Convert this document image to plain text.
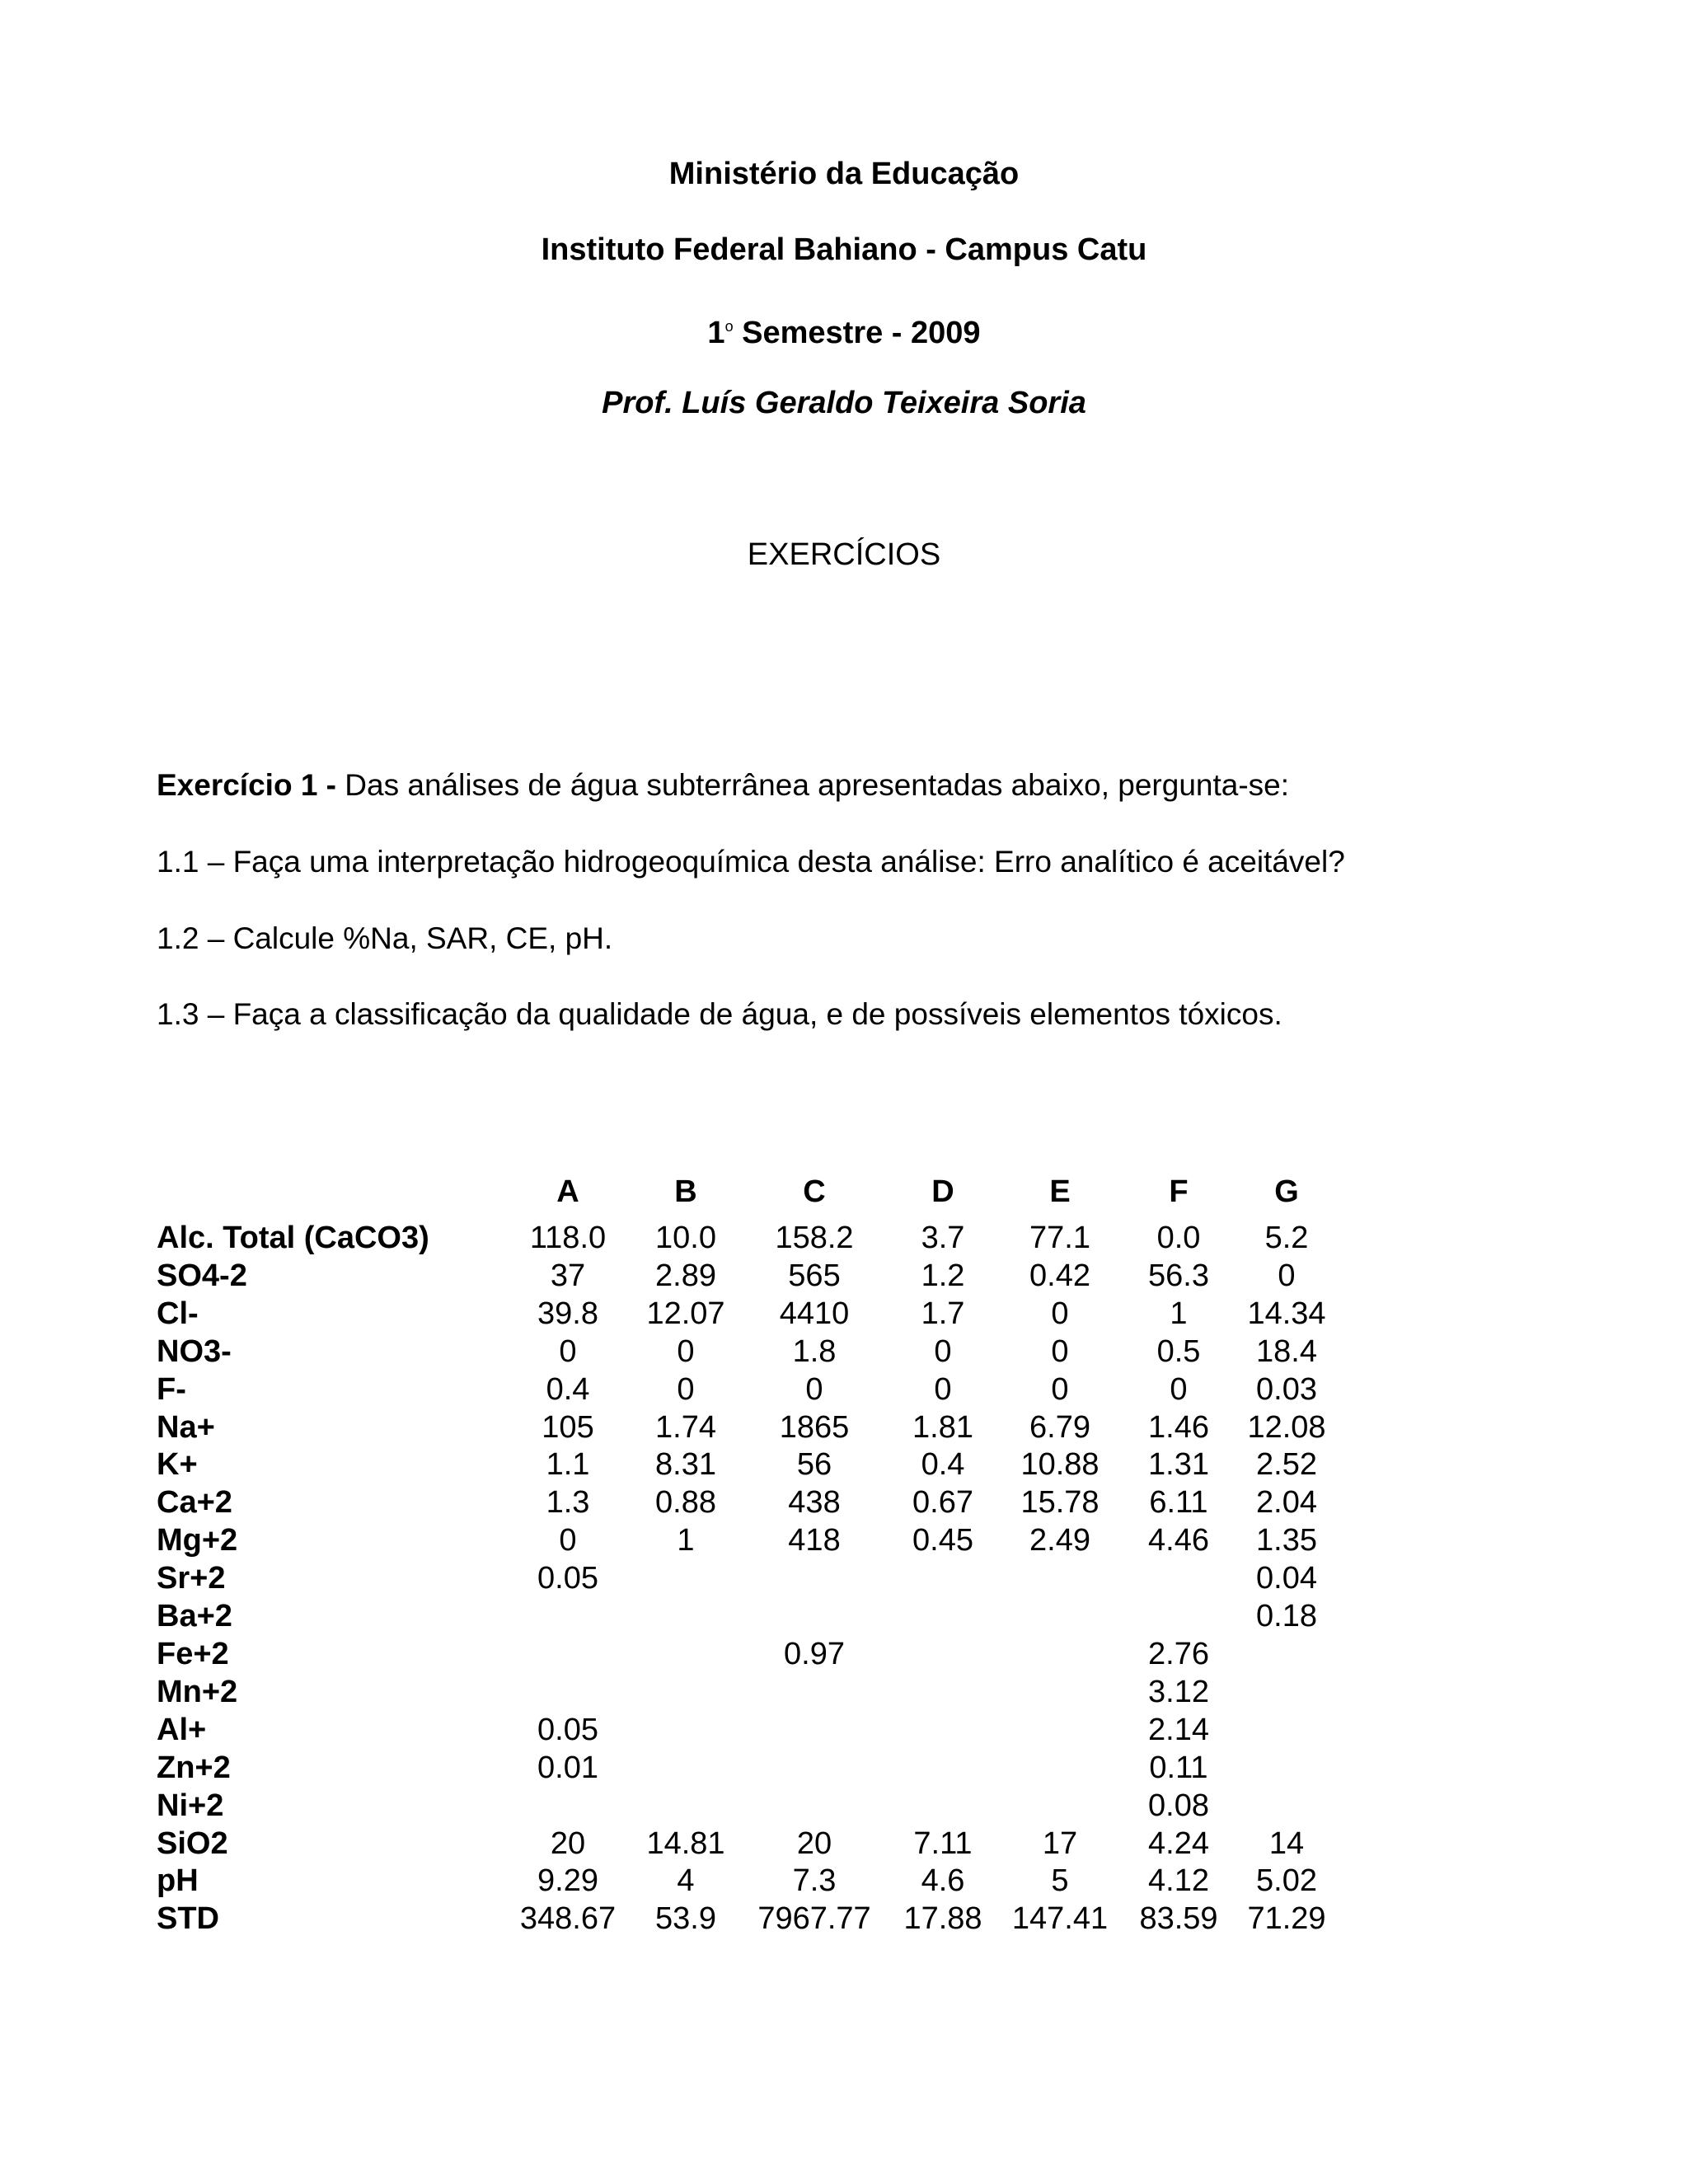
Ministério da Educação
Instituto Federal Bahiano - Campus Catu
1$^o$ Semestre - 2009
Prof. Luís Geraldo Teixeira Soria
EXERCÍCIOS
Exercício 1 - Das análises de água subterrânea apresentadas abaixo, pergunta-se:
1.1 – Faça uma interpretação hidrogeoquímica desta análise: Erro analítico é aceitável?
1.2 – Calcule %Na, SAR, CE, pH.
1.3 – Faça a classificação da qualidade de água, e de possíveis elementos tóxicos.
	A	B	C	D	E	F	G
Alc. Total (CaCO3)	118.0	10.0	158.2	3.7	77.1	0.0	5.2
SO4-2	37	2.89	565	1.2	0.42	56.3	0
Cl-	39.8	12.07	4410	1.7	0	1	14.34
NO3-	0	0	1.8	0	0	0.5	18.4
F-	0.4	0	0	0	0	0	0.03
Na+	105	1.74	1865	1.81	6.79	1.46	12.08
K+	1.1	8.31	56	0.4	10.88	1.31	2.52
Ca+2	1.3	0.88	438	0.67	15.78	6.11	2.04
Mg+2	0	1	418	0.45	2.49	4.46	1.35
Sr+2	0.05						0.04
Ba+2							0.18
Fe+2			0.97			2.76	
Mn+2						3.12	
Al+	0.05					2.14	
Zn+2	0.01					0.11	
Ni+2						0.08	
SiO2	20	14.81	20	7.11	17	4.24	14
pH	9.29	4	7.3	4.6	5	4.12	5.02
STD	348.67	53.9	7967.77	17.88	147.41	83.59	71.29
